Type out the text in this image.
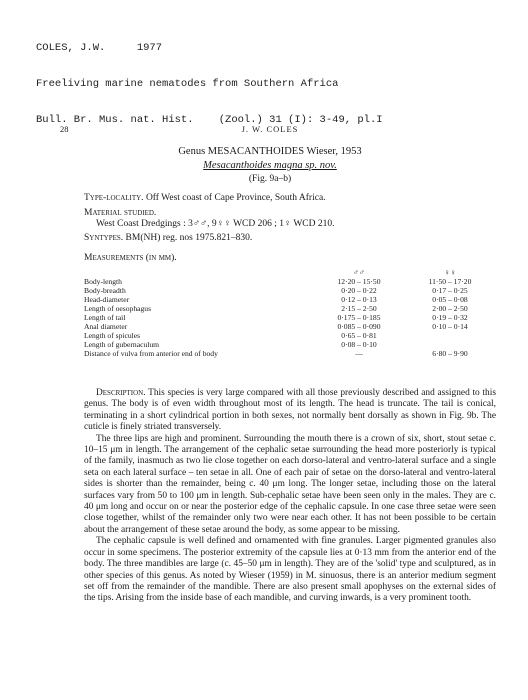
COLES, J.W.     1977

Freeliving marine nematodes from Southern Africa

Bull. Br. Mus. nat. Hist.    (Zool.) 31 (I): 3-49, pl.I

28	J. W. COLES
Genus MESACANTHOIDES Wieser, 1953
Mesacanthoides magna sp. nov.
(Fig. 9a–b)
Type-locality. Off West coast of Cape Province, South Africa.
Material studied.
West Coast Dredgings : 3♂♂, 9♀♀ WCD 206 ; 1♀ WCD 210.
Syntypes. BM(NH) reg. nos 1975.821–830.
Measurements (in mm).
	♂♂	♀♀
Body-length	12·20 – 15·50	11·50 – 17·20
Body-breadth	0·20 – 0·22	0·17 – 0·25
Head-diameter	0·12 – 0·13	0·05 – 0·08
Length of oesophagus	2·15 – 2·50	2·00 – 2·50
Length of tail	0·175 – 0·185	0·19 – 0·32
Anal diameter	0·085 – 0·090	0·10 – 0·14
Length of spicules	0·65 – 0·81	
Length of gubernaculum	0·08 – 0·10	
Distance of vulva from anterior end of body	—	6·80 – 9·90

Description. This species is very large compared with all those previously described and assigned to this genus. The body is of even width throughout most of its length. The head is truncate. The tail is conical, terminating in a short cylindrical portion in both sexes, not normally bent dorsally as shown in Fig. 9b. The cuticle is finely striated transversely.

The three lips are high and prominent. Surrounding the mouth there is a crown of six, short, stout setae c. 10–15 μm in length. The arrangement of the cephalic setae surrounding the head more posteriorly is typical of the family, inasmuch as two lie close together on each dorso-lateral and ventro-lateral surface and a single seta on each lateral surface – ten setae in all. One of each pair of setae on the dorso-lateral and ventro-lateral sides is shorter than the remainder, being c. 40 μm long. The longer setae, including those on the lateral surfaces vary from 50 to 100 μm in length. Sub-cephalic setae have been seen only in the males. They are c. 40 μm long and occur on or near the posterior edge of the cephalic capsule. In one case three setae were seen close together, whilst of the remainder only two were near each other. It has not been possible to be certain about the arrangement of these setae around the body, as some appear to be missing.

The cephalic capsule is well defined and ornamented with fine granules. Larger pigmented granules also occur in some specimens. The posterior extremity of the capsule lies at 0·13 mm from the anterior end of the body. The three mandibles are large (c. 45–50 μm in length). They are of the 'solid' type and sculptured, as in other species of this genus. As noted by Wieser (1959) in M. sinuosus, there is an anterior medium segment set off from the remainder of the mandible. There are also present small apophyses on the external sides of the tips. Arising from the inside base of each mandible, and curving inwards, is a very prominent tooth.
